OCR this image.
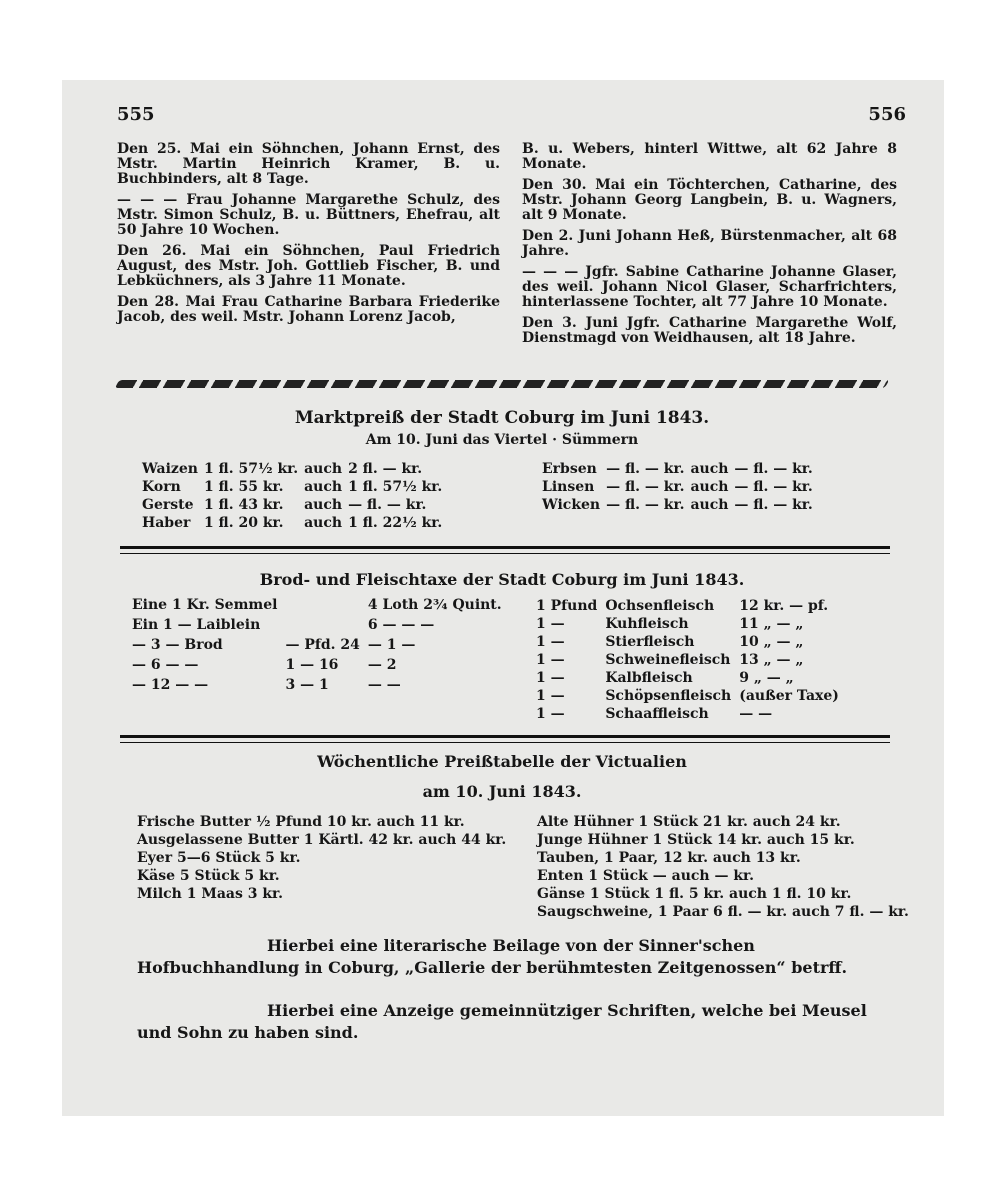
555	556

Den 25. Mai ein Söhnchen, Johann Ernst, des Mstr. Martin Heinrich Kramer, B. u. Buchbinders, alt 8 Tage.

— — — Frau Johanne Margarethe Schulz, des Mstr. Simon Schulz, B. u. Büttners, Ehefrau, alt 50 Jahre 10 Wochen.

Den 26. Mai ein Söhnchen, Paul Friedrich August, des Mstr. Joh. Gottlieb Fischer, B. und Lebküchners, als 3 Jahre 11 Monate.

Den 28. Mai Frau Catharine Barbara Friederike Jacob, des weil. Mstr. Johann Lorenz Jacob,

B. u. Webers, hinterl Wittwe, alt 62 Jahre 8 Monate.

Den 30. Mai ein Töchterchen, Catharine, des Mstr. Johann Georg Langbein, B. u. Wagners, alt 9 Monate.

Den 2. Juni Johann Heß, Bürstenmacher, alt 68 Jahre.

— — — Jgfr. Sabine Catharine Johanne Glaser, des weil. Johann Nicol Glaser, Scharfrichters, hinterlassene Tochter, alt 77 Jahre 10 Monate.

Den 3. Juni Jgfr. Catharine Margarethe Wolf, Dienstmagd von Weidhausen, alt 18 Jahre.

Marktpreiß der Stadt Coburg im Juni 1843.
Am 10. Juni das Viertel · Sümmern
Waizen	1 fl. 57½ kr.	auch	2 fl. — kr.
Korn	1 fl. 55 kr.	auch	1 fl. 57½ kr.
Gerste	1 fl. 43 kr.	auch	— fl. — kr.
Haber	1 fl. 20 kr.	auch	1 fl. 22½ kr.
Erbsen	— fl. — kr.	auch	— fl. — kr.
Linsen	— fl. — kr.	auch	— fl. — kr.
Wicken	— fl. — kr.	auch	— fl. — kr.
Brod- und Fleischtaxe der Stadt Coburg im Juni 1843.
Eine 1 Kr. Semmel		4 Loth 2¾ Quint.
Ein 1 — Laiblein		6 — — —
— 3 — Brod	— Pfd. 24	— 1 —
— 6 — —	1 — 16	— 2
— 12 — —	3 — 1	— —
1 Pfund	Ochsenfleisch	12 kr. — pf.
1 —	Kuhfleisch	11 „ — „
1 —	Stierfleisch	10 „ — „
1 —	Schweinefleisch	13 „ — „
1 —	Kalbfleisch	9 „ — „
1 —	Schöpsenfleisch	(außer Taxe)
1 —	Schaaffleisch	— —
Wöchentliche Preißtabelle der Victualien
am 10. Juni 1843.
Frische Butter ½ Pfund 10 kr. auch 11 kr.
Ausgelassene Butter 1 Kärtl. 42 kr. auch 44 kr.
Eyer 5—6 Stück 5 kr.
Käse 5 Stück 5 kr.
Milch 1 Maas 3 kr.
Alte Hühner 1 Stück 21 kr. auch 24 kr.
Junge Hühner 1 Stück 14 kr. auch 15 kr.
Tauben, 1 Paar, 12 kr. auch 13 kr.
Enten 1 Stück — auch — kr.
Gänse 1 Stück 1 fl. 5 kr. auch 1 fl. 10 kr.
Saugschweine, 1 Paar 6 fl. — kr. auch 7 fl. — kr.
Hierbei eine literarische Beilage von der Sinner'schen Hofbuchhandlung in Coburg, „Gallerie der berühmtesten Zeitgenossen“ betrff.
Hierbei eine Anzeige gemeinnütziger Schriften, welche bei Meusel und Sohn zu haben sind.
